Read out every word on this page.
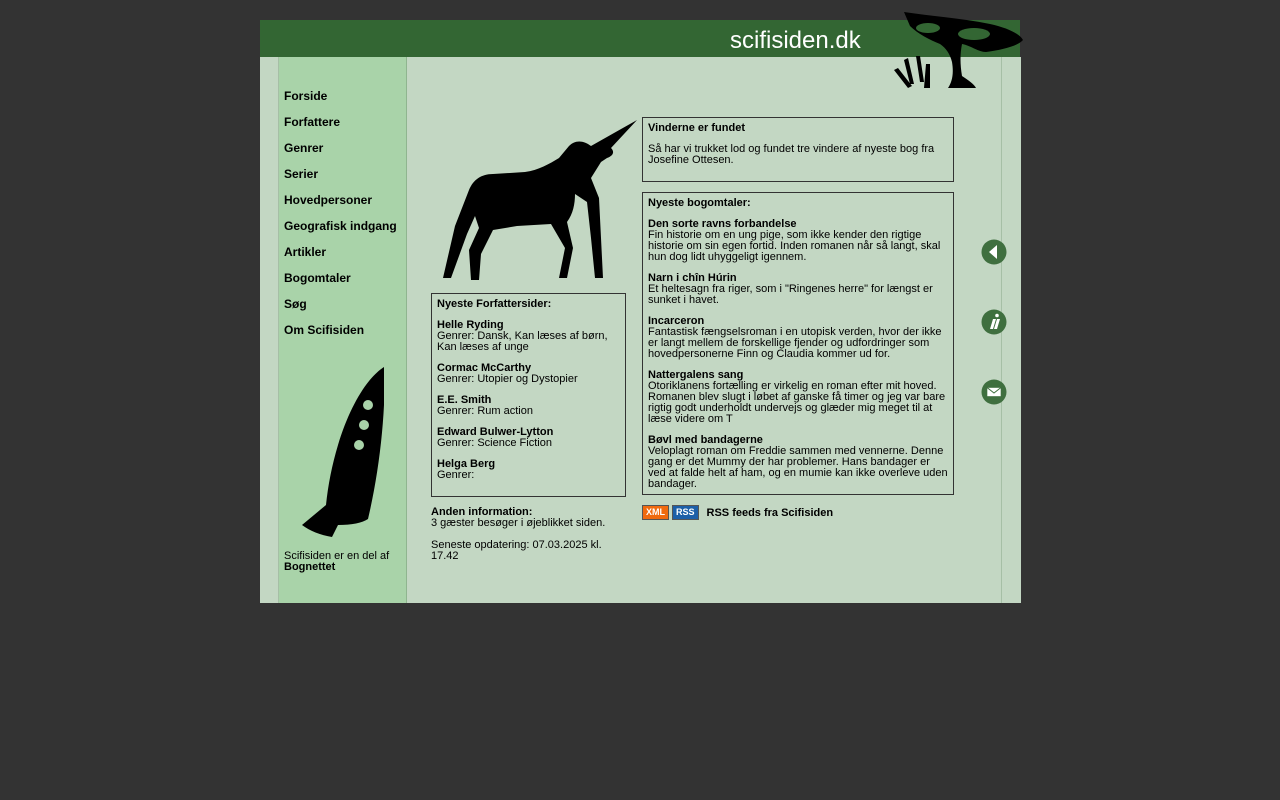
scifisiden.dk
Forside
Forfattere
Genrer
Serier
Hovedpersoner
Geografisk indgang
Artikler
Bogomtaler
Søg
Om Scifisiden
Scifisiden er en del af
Bognettet
Nyeste Forfattersider:
Helle Ryding
Genrer: Dansk, Kan læses af børn, Kan læses af unge
Cormac McCarthy
Genrer: Utopier og Dystopier
E.E. Smith
Genrer: Rum action
Edward Bulwer-Lytton
Genrer: Science Fiction
Helga Berg
Genrer:
Anden information:
3 gæster besøger i øjeblikket siden.
Seneste opdatering: 07.03.2025 kl. 17.42
Vinderne er fundet
Så har vi trukket lod og fundet tre vindere af nyeste bog fra Josefine Ottesen.
Nyeste bogomtaler:
Den sorte ravns forbandelse
Fin historie om en ung pige, som ikke kender den rigtige historie om sin egen fortid. Inden romanen når så langt, skal hun dog lidt uhyggeligt igennem.
Narn i chîn Húrin
Et heltesagn fra riger, som i "Ringenes herre" for længst er sunket i havet.
Incarceron
Fantastisk fængselsroman i en utopisk verden, hvor der ikke er langt mellem de forskellige fjender og udfordringer som hovedpersonerne Finn og Claudia kommer ud for.
Nattergalens sang
Otoriklanens fortælling er virkelig en roman efter mit hoved. Romanen blev slugt i løbet af ganske få timer og jeg var bare rigtig godt underholdt undervejs og glæder mig meget til at læse videre om T
Bøvl med bandagerne
Veloplagt roman om Freddie sammen med vennerne. Denne gang er det Mummy der har problemer. Hans bandager er ved at falde helt af ham, og en mumie kan ikke overleve uden bandager.
XML	RSS	RSS feeds fra Scifisiden
